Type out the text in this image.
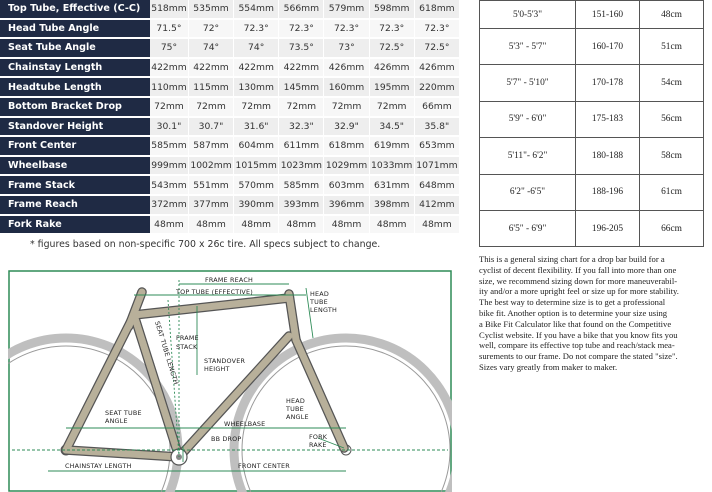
Top Tube, Effective (C-C)	518mm	535mm	554mm	566mm	579mm	598mm	618mm
Head Tube Angle	71.5°	72°	72.3°	72.3°	72.3°	72.3°	72.3°
Seat Tube Angle	75°	74°	74°	73.5°	73°	72.5°	72.5°
Chainstay Length	422mm	422mm	422mm	422mm	426mm	426mm	426mm
Headtube Length	110mm	115mm	130mm	145mm	160mm	195mm	220mm
Bottom Bracket Drop	72mm	72mm	72mm	72mm	72mm	72mm	66mm
Standover Height	30.1"	30.7"	31.6"	32.3"	32.9"	34.5"	35.8"
Front Center	585mm	587mm	604mm	611mm	618mm	619mm	653mm
Wheelbase	999mm	1002mm	1015mm	1023mm	1029mm	1033mm	1071mm
Frame Stack	543mm	551mm	570mm	585mm	603mm	631mm	648mm
Frame Reach	372mm	377mm	390mm	393mm	396mm	398mm	412mm
Fork Rake	48mm	48mm	48mm	48mm	48mm	48mm	48mm
* figures based on non-specific 700 x 26c tire. All specs subject to change.
5'0-5'3"	151-160	48cm
5'3" - 5'7"	160-170	51cm
5'7" - 5'10"	170-178	54cm
5'9" - 6'0"	175-183	56cm
5'11"- 6'2"	180-188	58cm
6'2" -6'5"	188-196	61cm
6'5" - 6'9"	196-205	66cm
This is a general sizing chart for a drop bar build for a
cyclist of decent flexibility. If you fall into more than one
size, we recommend sizing down for more maneuverabil-
ity and/or a more upright feel or size up for more stability.
The best way to determine size is to get a professional
bike fit. Another option is to determine your size using
a Bike Fit Calculator like that found on the Competitive
Cyclist website. If you have a bike that you know fits you
well, compare its effective top tube and reach/stack mea-
surements to our frame. Do not compare the stated "size".
Sizes vary greatly from maker to maker.
FRAME REACH
TOP TUBE (EFFECTIVE)	HEAD
TUBE
LENGTH
SEAT TUBE LENGTH
FRAME
STACK
STANDOVER
HEIGHT
SEAT TUBE
ANGLE
HEAD
TUBE
ANGLE
WHEELBASE
BB DROP	FORK
RAKE
CHAINSTAY LENGTH	FRONT CENTER
